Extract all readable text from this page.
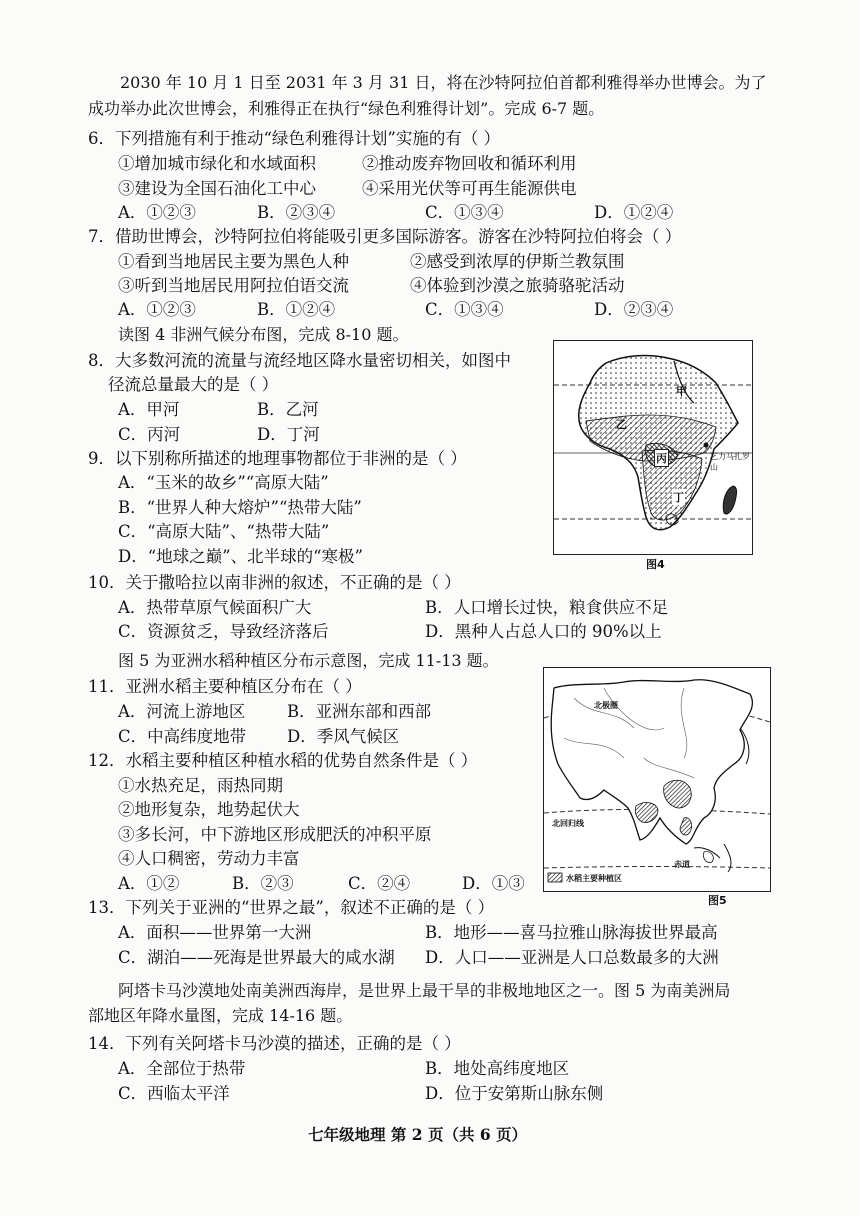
2030 年 10 月 1 日至 2031 年 3 月 31 日，将在沙特阿拉伯首都利雅得举办世博会。为了
成功举办此次世博会，利雅得正在执行“绿色利雅得计划”。完成 6-7 题。
6．下列措施有利于推动“绿色利雅得计划”实施的有（ ）
①增加城市绿化和水域面积	②推动废弃物回收和循环利用
③建设为全国石油化工中心	④采用光伏等可再生能源供电
A．①②③	B．②③④	C．①③④	D．①②④
7．借助世博会，沙特阿拉伯将能吸引更多国际游客。游客在沙特阿拉伯将会（ ）
①看到当地居民主要为黑色人种	②感受到浓厚的伊斯兰教氛围
③听到当地居民用阿拉伯语交流	④体验到沙漠之旅骑骆驼活动
A．①②③	B．①②④	C．①③④	D．②③④
读图 4 非洲气候分布图，完成 8-10 题。
8．大多数河流的流量与流经地区降水量密切相关，如图中
径流总量最大的是（ ）
A．甲河	B．乙河
C．丙河	D．丁河
9．以下别称所描述的地理事物都位于非洲的是（ ）
A．“玉米的故乡”“高原大陆”
B．“世界人种大熔炉”“热带大陆”
C．“高原大陆”、“热带大陆”
D．“地球之巅”、北半球的“寒极”
甲
乙
丙
丁
乞力马扎罗山
图4
10．关于撒哈拉以南非洲的叙述，不正确的是（ ）
A．热带草原气候面积广大	B．人口增长过快，粮食供应不足
C．资源贫乏，导致经济落后	D．黑种人占总人口的 90%以上
图 5 为亚洲水稻种植区分布示意图，完成 11-13 题。
11．亚洲水稻主要种植区分布在（ ）
A．河流上游地区	B．亚洲东部和西部
C．中高纬度地带 D．季风气候区
12．水稻主要种植区种植水稻的优势自然条件是（ ）
①水热充足，雨热同期
②地形复杂，地势起伏大
③多长河，中下游地区形成肥沃的冲积平原
④人口稠密，劳动力丰富
A．①②	B．②③	C．②④	D．①③
北极圈
北回归线
赤道
水稻主要种植区
图5
13．下列关于亚洲的“世界之最”，叙述不正确的是（ ）
A．面积——世界第一大洲	B．地形——喜马拉雅山脉海拔世界最高
C．湖泊——死海是世界最大的咸水湖 D．人口——亚洲是人口总数最多的大洲
阿塔卡马沙漠地处南美洲西海岸，是世界上最干旱的非极地地区之一。图 5 为南美洲局
部地区年降水量图，完成 14-16 题。
14．下列有关阿塔卡马沙漠的描述，正确的是（ ）
A．全部位于热带	B．地处高纬度地区
C．西临太平洋	D．位于安第斯山脉东侧
七年级地理 第 2 页（共 6 页）
